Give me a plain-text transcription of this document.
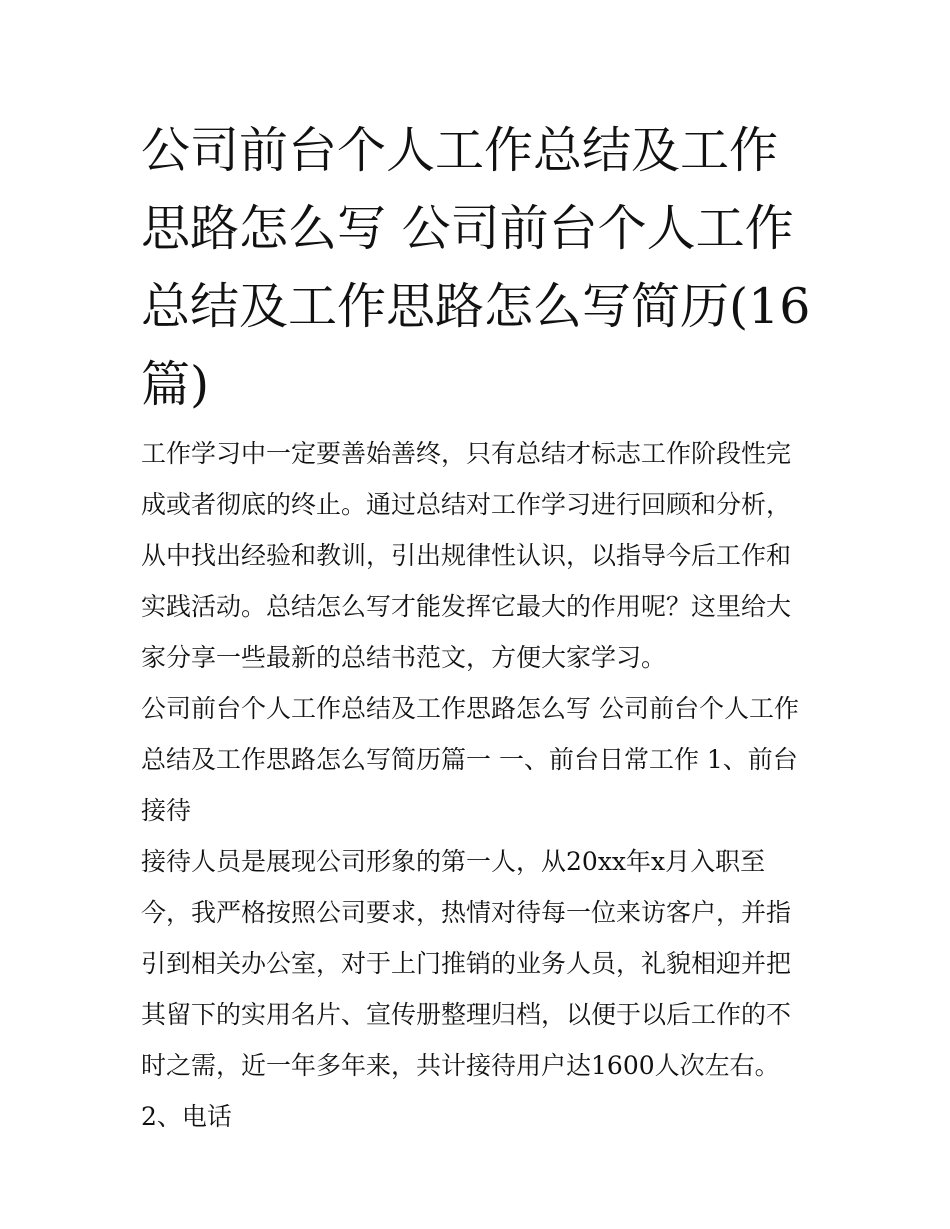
公司前台个人工作总结及工作思路怎么写 公司前台个人工作总结及工作思路怎么写简历(16篇)

工作学习中一定要善始善终，只有总结才标志工作阶段性完成或者彻底的终止。通过总结对工作学习进行回顾和分析，从中找出经验和教训，引出规律性认识，以指导今后工作和实践活动。总结怎么写才能发挥它最大的作用呢？这里给大家分享一些最新的总结书范文，方便大家学习。

公司前台个人工作总结及工作思路怎么写 公司前台个人工作总结及工作思路怎么写简历篇一 一、前台日常工作 1、前台接待

接待人员是展现公司形象的第一人，从20xx年x月入职至今，我严格按照公司要求，热情对待每一位来访客户，并指引到相关办公室，对于上门推销的业务人员，礼貌相迎并把其留下的实用名片、宣传册整理归档，以便于以后工作的不时之需，近一年多年来，共计接待用户达1600人次左右。 2、电话
